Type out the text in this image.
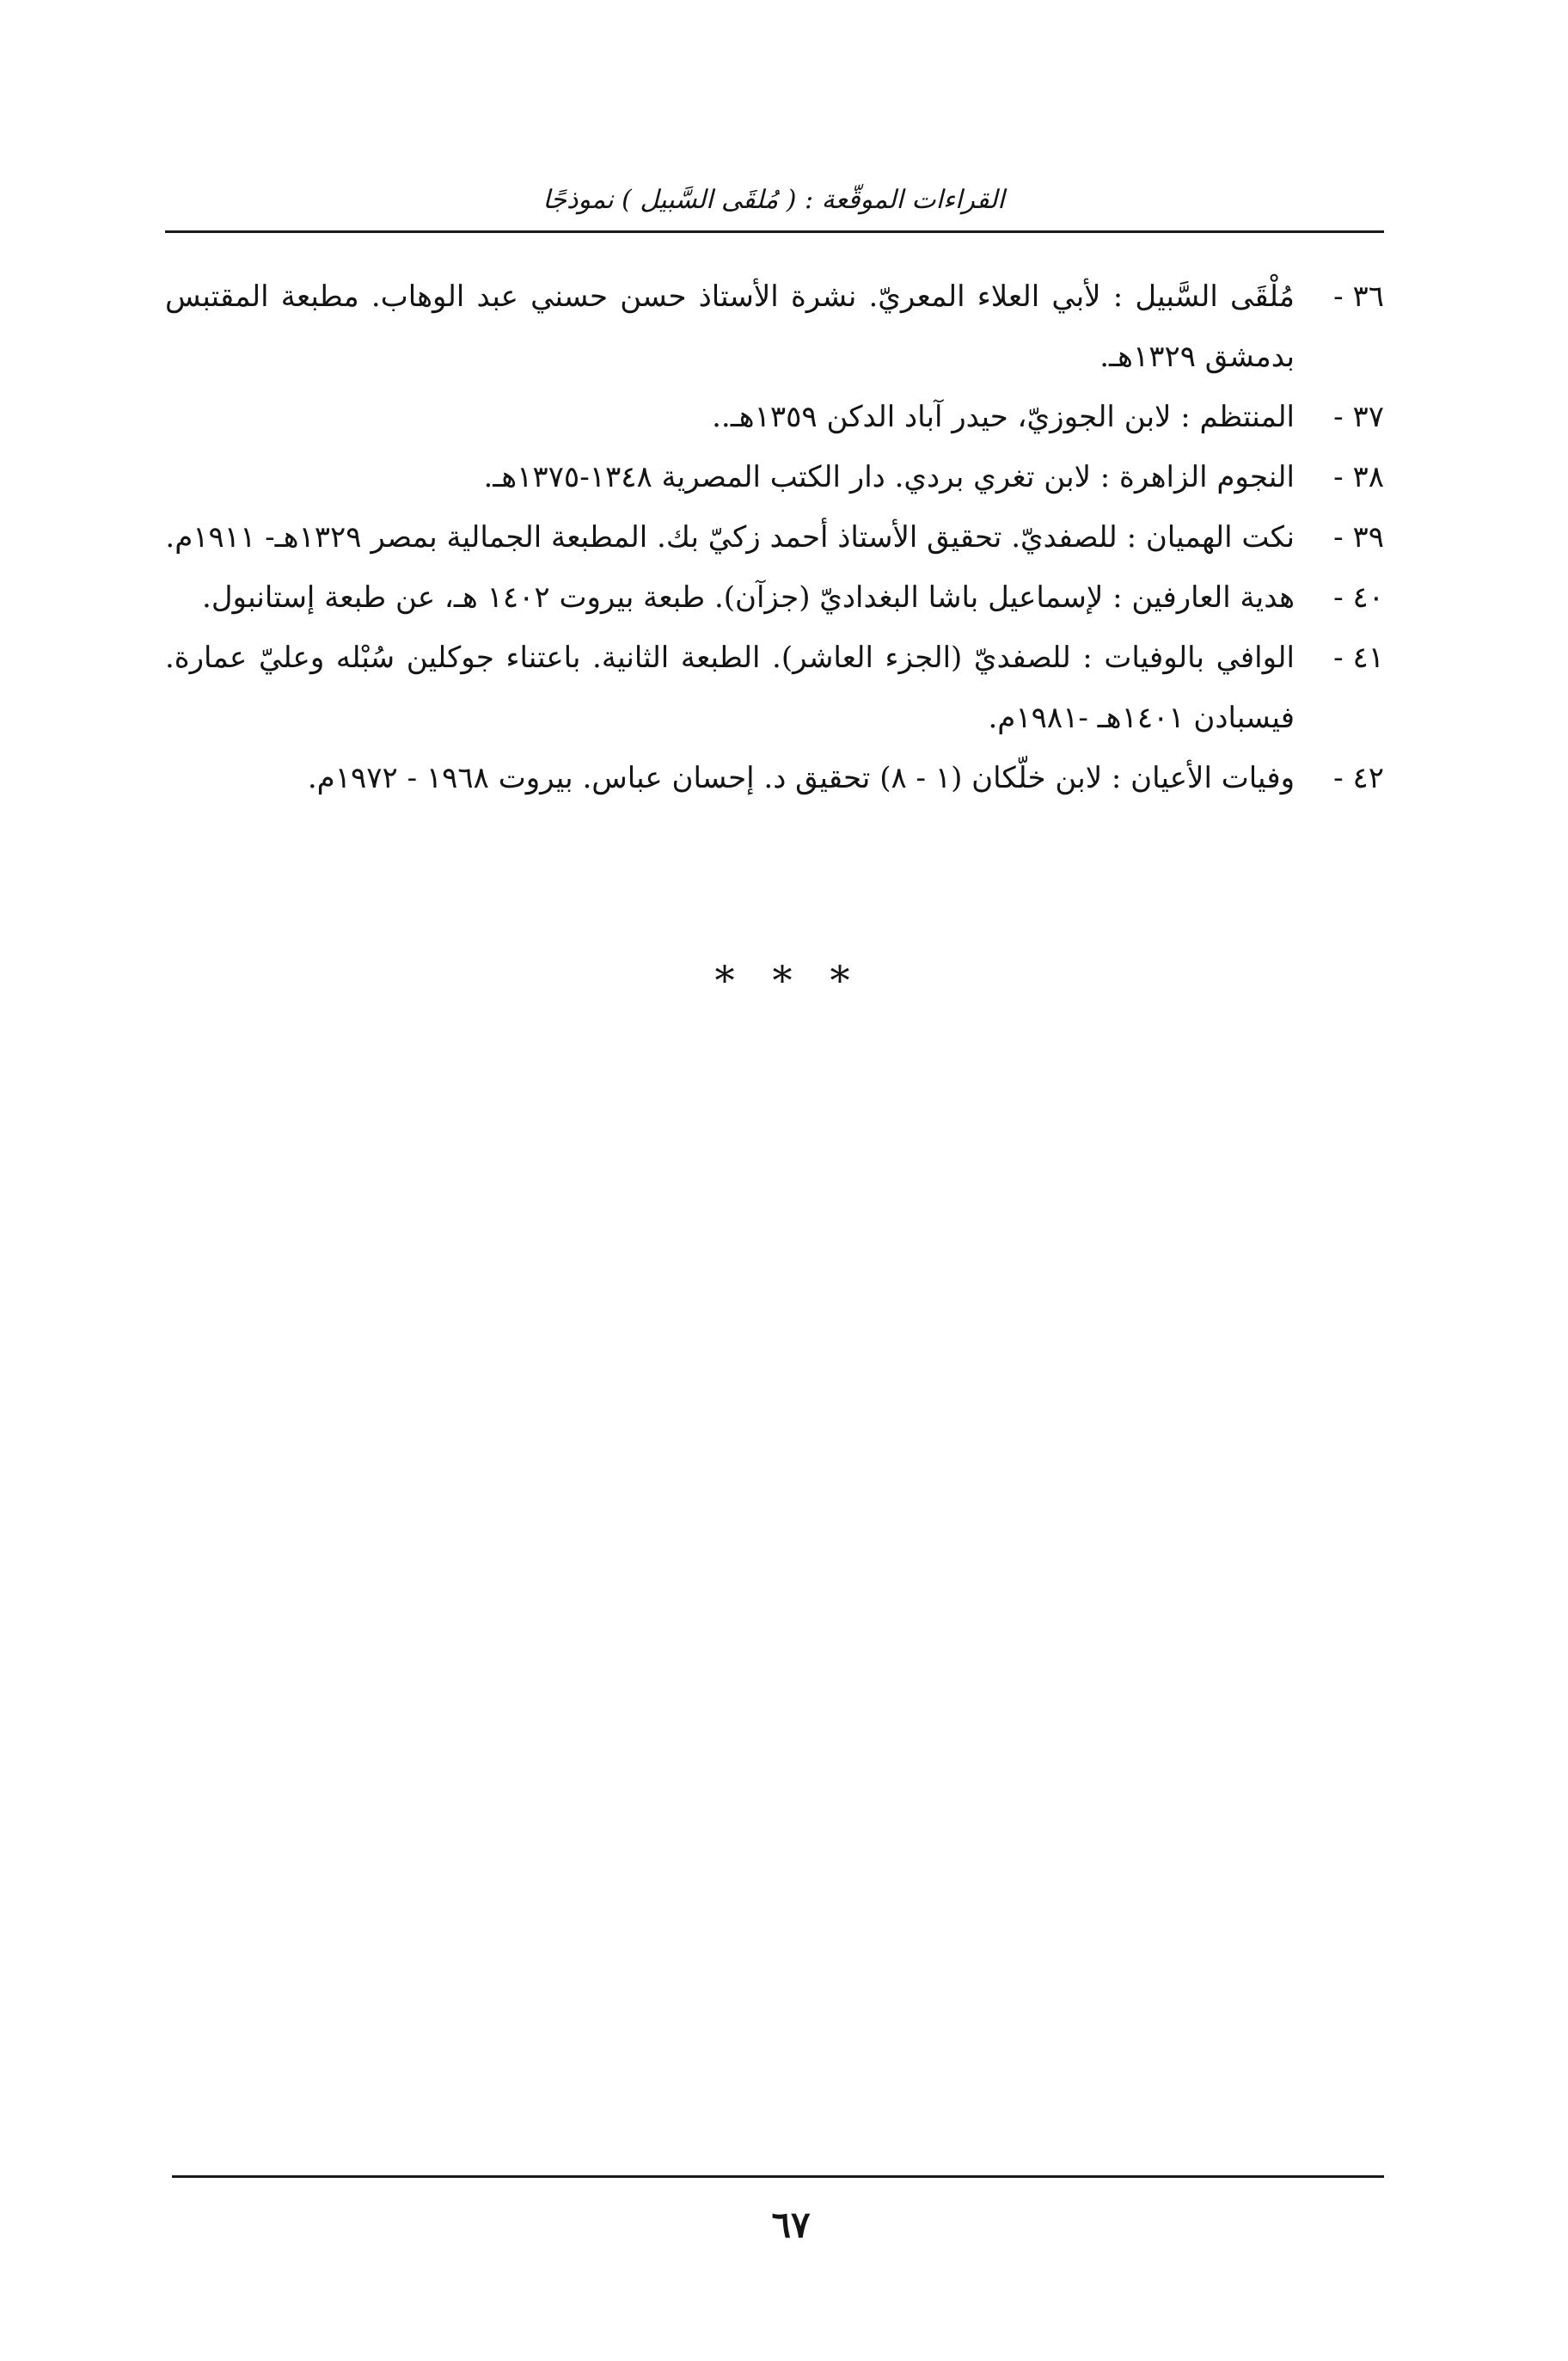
القراءات الموقّعة : ( مُلقَى السَّبيل ) نموذجًا
٣٦ -
مُلْقَى السَّبيل : لأبي العلاء المعريّ. نشرة الأستاذ حسن حسني عبد الوهاب. مطبعة المقتبس بدمشق ١٣٢٩هـ.
٣٧ -
المنتظم : لابن الجوزيّ، حيدر آباد الدكن ١٣٥٩هـ..
٣٨ -
النجوم الزاهرة : لابن تغري بردي. دار الكتب المصرية ١٣٤٨-١٣٧٥هـ.
٣٩ -
نكت الهميان : للصفديّ. تحقيق الأستاذ أحمد زكيّ بك. المطبعة الجمالية بمصر ١٣٢٩هـ- ١٩١١م.
٤٠ -
هدية العارفين : لإسماعيل باشا البغداديّ (جزآن). طبعة بيروت ١٤٠٢ هـ، عن طبعة إستانبول.
٤١ -
الوافي بالوفيات : للصفديّ (الجزء العاشر). الطبعة الثانية. باعتناء جوكلين سُبْله وعليّ عمارة. فيسبادن ١٤٠١هـ -١٩٨١م.
٤٢ -
وفيات الأعيان : لابن خلّكان (١ - ٨) تحقيق د. إحسان عباس. بيروت ١٩٦٨ - ١٩٧٢م.
* * *
٦٧
